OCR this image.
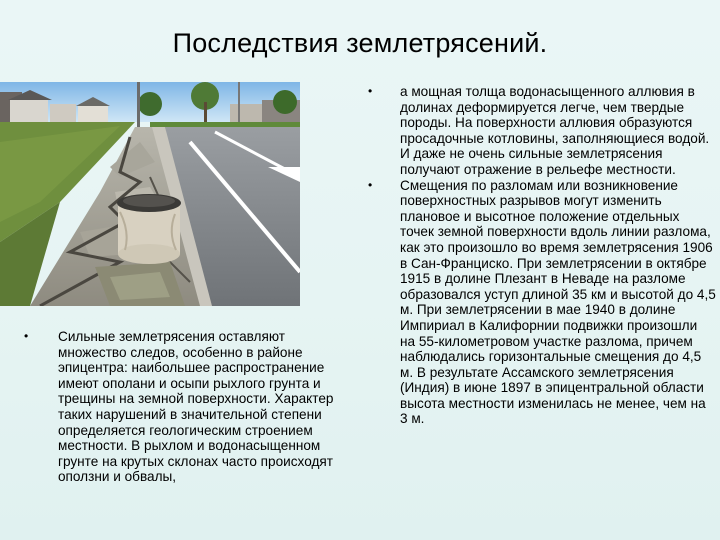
Последствия землетрясений.
•	Сильные землетрясения оставляют множество следов, особенно в районе эпицентра: наибольшее распространение имеют ополани и осыпи рыхлого грунта и трещины на земной поверхности. Характер таких нарушений в значительной степени определяется геологическим строением местности. В рыхлом и водонасыщенном грунте на крутых склонах часто происходят оползни и обвалы,
•	а мощная толща водонасыщенного аллювия в долинах деформируется легче, чем твердые породы. На поверхности аллювия образуются просадочные котловины, заполняющиеся водой. И даже не очень сильные землетрясения получают отражение в рельефе местности.
•	Смещения по разломам или возникновение поверхностных разрывов могут изменить плановое и высотное положение отдельных точек земной поверхности вдоль линии разлома, как это произошло во время землетрясения 1906 в Сан-Франциско. При землетрясении в октябре 1915 в долине Плезант в Неваде на разломе образовался уступ длиной 35 км и высотой до 4,5 м. При землетрясении в мае 1940 в долине Импириал в Калифорнии подвижки произошли на 55-километровом участке разлома, причем наблюдались горизонтальные смещения до 4,5 м. В результате Ассамского землетрясения (Индия) в июне 1897 в эпицентральной области высота местности изменилась не менее, чем на 3 м.
